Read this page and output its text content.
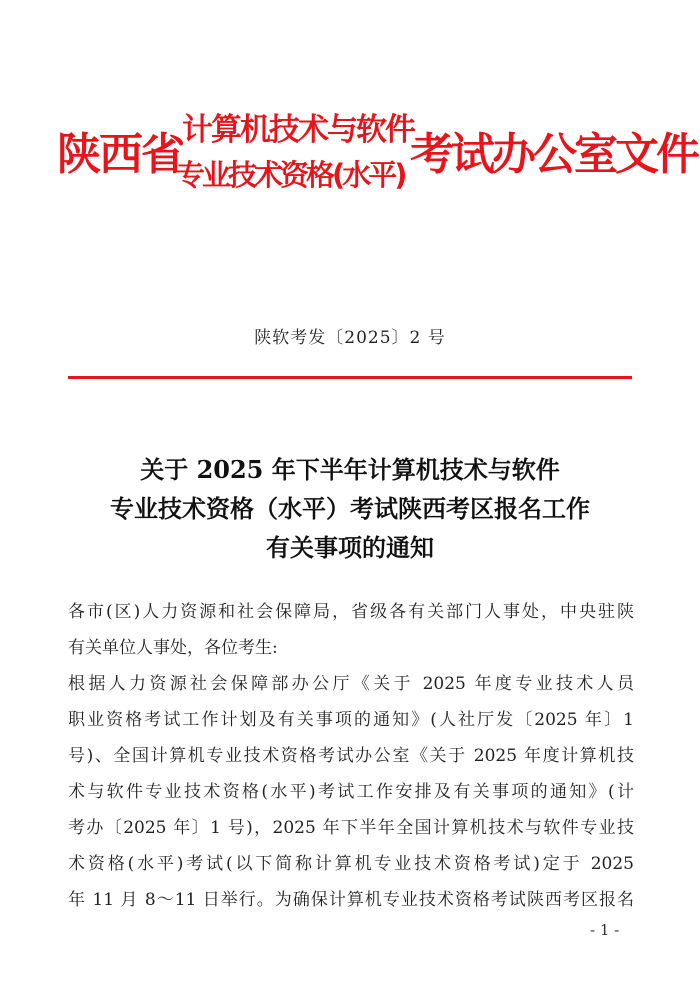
陕西省 计算机技术与软件
专业技术资格(水平) 考试办公室文件
陕软考发〔2025〕2 号
关于 2025 年下半年计算机技术与软件
专业技术资格（水平）考试陕西考区报名工作
有关事项的通知
各市(区)人力资源和社会保障局，省级各有关部门人事处，中央驻陕
有关单位人事处，各位考生:
根据人力资源社会保障部办公厅《关于 2025 年度专业技术人员
职业资格考试工作计划及有关事项的通知》(人社厅发〔2025 年〕1
号)、全国计算机专业技术资格考试办公室《关于 2025 年度计算机技
术与软件专业技术资格(水平)考试工作安排及有关事项的通知》(计
考办〔2025 年〕1 号)，2025 年下半年全国计算机技术与软件专业技
术资格(水平)考试(以下简称计算机专业技术资格考试)定于 2025
年 11 月 8～11 日举行。为确保计算机专业技术资格考试陕西考区报名
- 1 -
